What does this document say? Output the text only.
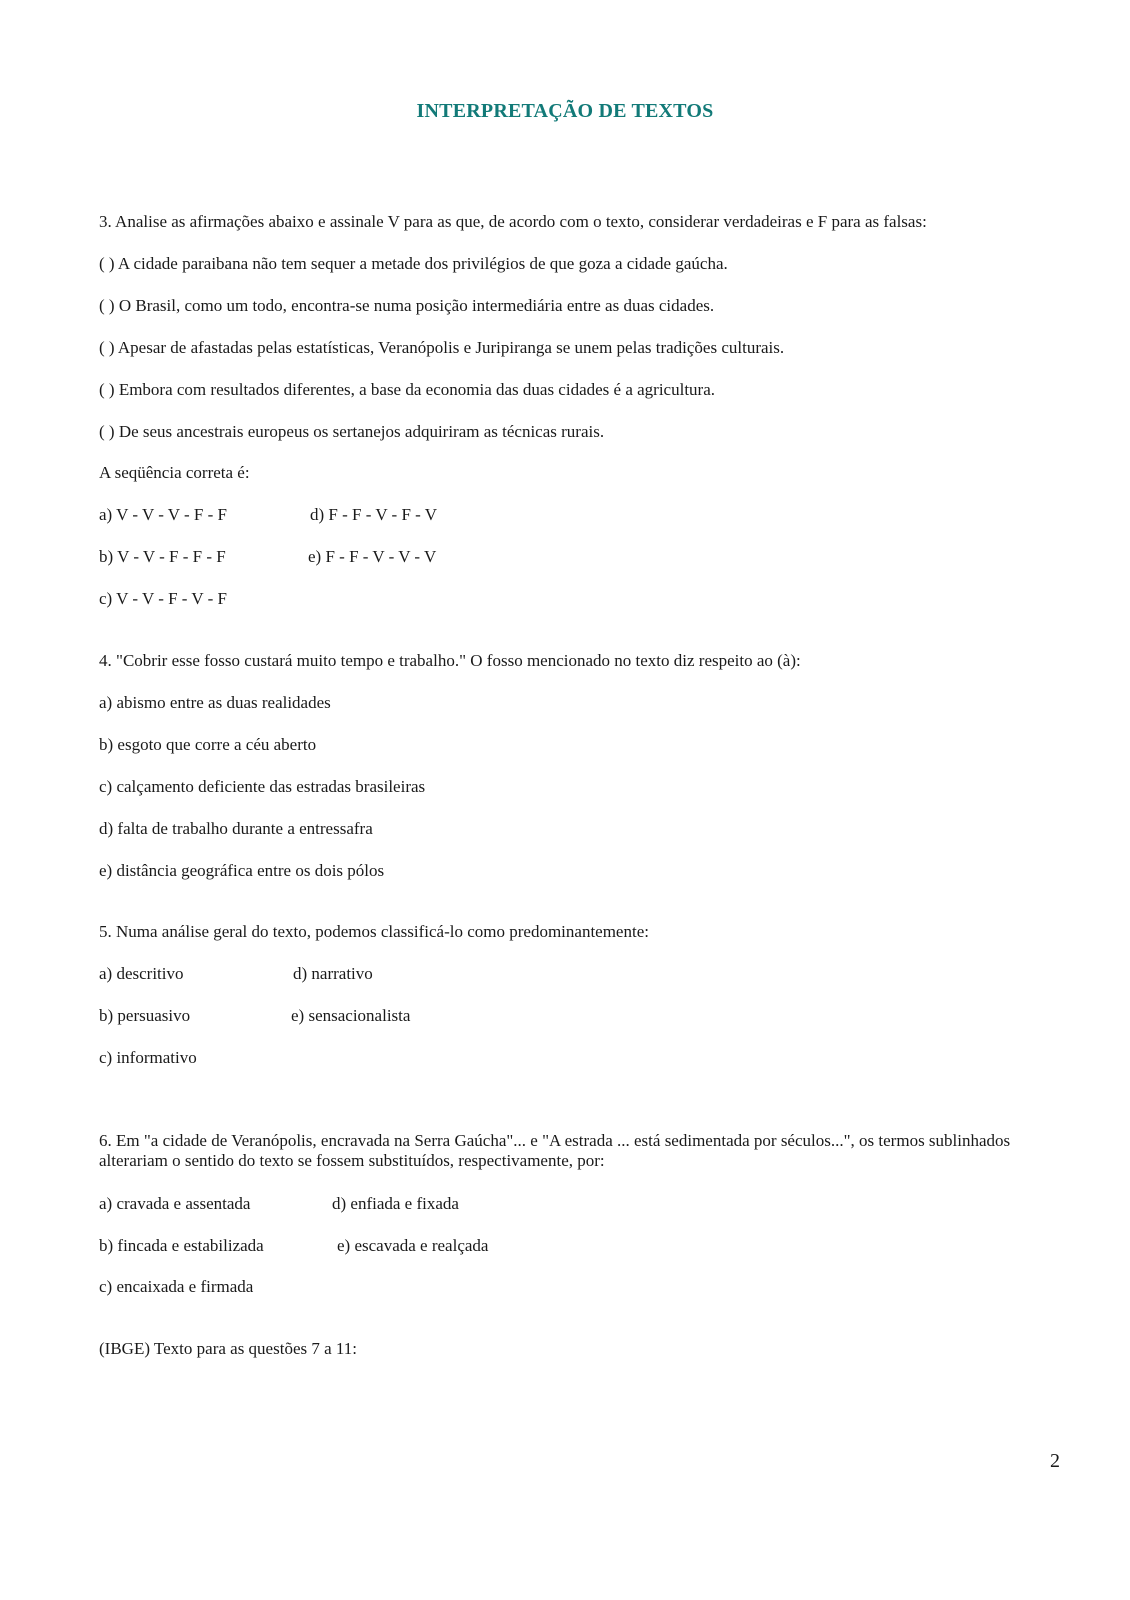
INTERPRETAÇÃO DE TEXTOS
3. Analise as afirmações abaixo e assinale V para as que, de acordo com o texto, considerar verdadeiras e F para as falsas:
( ) A cidade paraibana não tem sequer a metade dos privilégios de que goza a cidade gaúcha.
( ) O Brasil, como um todo, encontra-se numa posição intermediária entre as duas cidades.
( ) Apesar de afastadas pelas estatísticas, Veranópolis e Juripiranga se unem pelas tradições culturais.
( ) Embora com resultados diferentes, a base da economia das duas cidades é a agricultura.
( ) De seus ancestrais europeus os sertanejos adquiriram as técnicas rurais.
A seqüência correta é:
a) V - V - V - F - F	d) F - F - V - F - V
b) V - V - F - F - F	e) F - F - V - V - V
c) V - V - F - V - F
4. "Cobrir esse fosso custará muito tempo e trabalho." O fosso mencionado no texto diz respeito ao (à):
a) abismo entre as duas realidades
b) esgoto que corre a céu aberto
c) calçamento deficiente das estradas brasileiras
d) falta de trabalho durante a entressafra
e) distância geográfica entre os dois pólos
5. Numa análise geral do texto, podemos classificá-lo como predominantemente:
a) descritivo	d) narrativo
b) persuasivo	e) sensacionalista
c) informativo
6. Em "a cidade de Veranópolis, encravada na Serra Gaúcha"... e "A estrada ... está sedimentada por séculos...", os termos sublinhados alterariam o sentido do texto se fossem substituídos, respectivamente, por:
a) cravada e assentada	d) enfiada e fixada
b) fincada e estabilizada	e) escavada e realçada
c) encaixada e firmada
(IBGE) Texto para as questões 7 a 11:
2
